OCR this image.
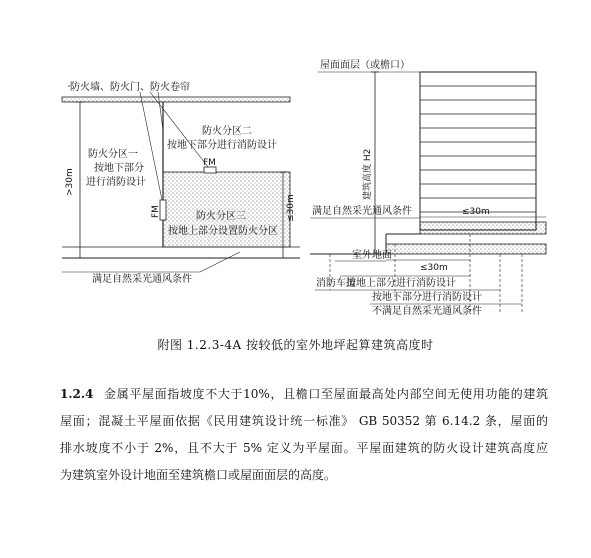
防火墙、防火门、防火卷帘
防火分区一
按地下部分
进行消防设计
防火分区二
按地下部分进行消防设计
FM
FM	防火分区三
按地上部分设置防火分区
>30m
≤30m
满足自然采光通风条件
屋面面层（或檐口）
建筑高度 H2
满足自然采光通风条件	≤30m
室外地面
≤30m
消防车道
按地上部分进行消防设计
按地下部分进行消防设计
不满足自然采光通风条件
附图 1.2.3-4A 按较低的室外地坪起算建筑高度时
1.2.4 金属平屋面指坡度不大于10%，且檐口至屋面最高处内部空间无使用功能的建筑
屋面；混凝土平屋面依据《民用建筑设计统一标准》 GB 50352 第 6.14.2 条，屋面的
排水坡度不小于 2%，且不大于 5% 定义为平屋面。平屋面建筑的防火设计建筑高度应
为建筑室外设计地面至建筑檐口或屋面面层的高度。
